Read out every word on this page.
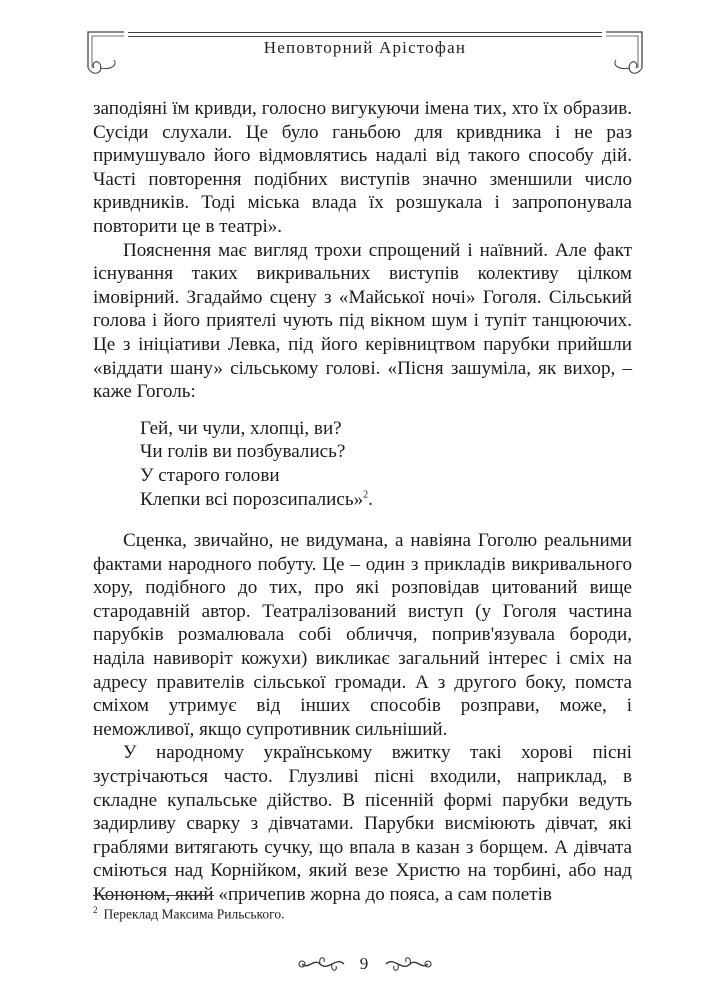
Неповторний Арістофан

заподіяні їм кривди, голосно вигукуючи імена тих, хто їх образив. Сусіди слухали. Це було ганьбою для кривдника і не раз примушувало його відмовлятись надалі від такого способу дій. Часті повторення подібних виступів значно зменшили число кривдників. Тоді міська влада їх розшукала і запропонувала повторити це в театрі».

Пояснення має вигляд трохи спрощений і наївний. Але факт існування таких викривальних виступів колективу цілком імовірний. Згадаймо сцену з «Майської ночі» Гоголя. Сільський голова і його приятелі чують під вікном шум і тупіт танцюючих. Це з ініціативи Левка, під його керівництвом парубки прийшли «віддати шану» сільському голові. «Пісня зашуміла, як вихор, – каже Гоголь:

Гей, чи чули, хлопці, ви?
Чи голів ви позбувались?
У старого голови
Клепки всі порозсипались»$^2$.

Сценка, звичайно, не видумана, а навіяна Гоголю реальними фактами народного побуту. Це – один з прикладів викривального хору, подібного до тих, про які розповідав цитований вище стародавній автор. Театралізований виступ (у Гоголя частина парубків розмалювала собі обличчя, поприв'язувала бороди, наділа навиворіт кожухи) викликає загальний інтерес і сміх на адресу правителів сільської громади. А з другого боку, помста сміхом утримує від інших способів розправи, може, і неможливої, якщо супротивник сильніший.

У народному українському вжитку такі хорові пісні зустрічаються часто. Глузливі пісні входили, наприклад, в складне купальське дійство. В пісенній формі парубки ведуть задирливу сварку з дівчатами. Парубки висміюють дівчат, які граблями витягають сучку, що впала в казан з борщем. А дівчата сміються над Корнійком, який везе Христю на торбині, або над Кононом, який «причепив жорна до пояса, а сам полетів

$^2$ Переклад Максима Рильського.
9
